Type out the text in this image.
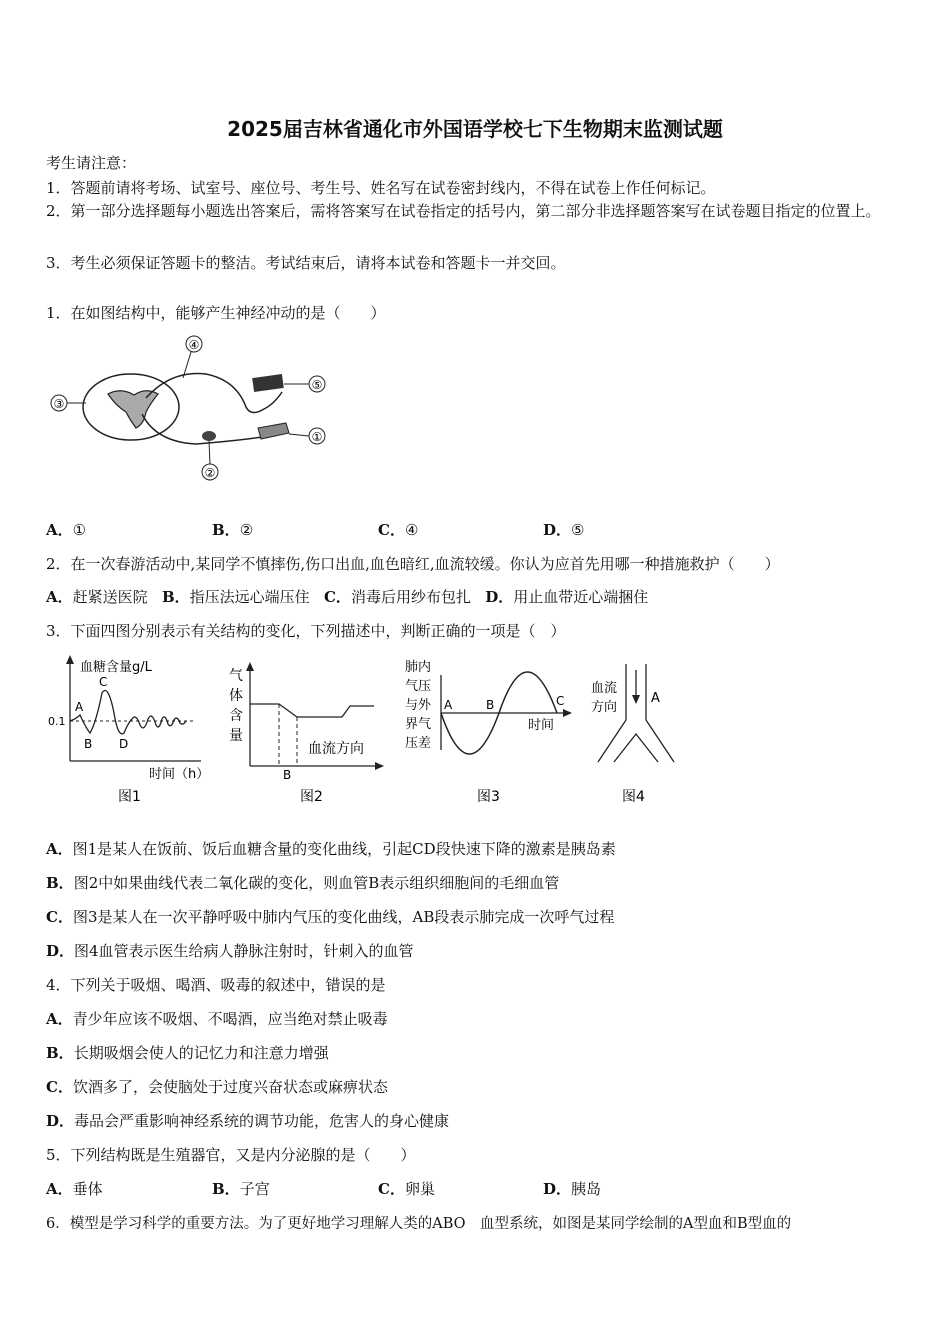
2025届吉林省通化市外国语学校七下生物期末监测试题
考生请注意：
1．答题前请将考场、试室号、座位号、考生号、姓名写在试卷密封线内，不得在试卷上作任何标记。
2．第一部分选择题每小题选出答案后，需将答案写在试卷指定的括号内，第二部分非选择题答案写在试卷题目指定的位置上。
3．考生必须保证答题卡的整洁。考试结束后，请将本试卷和答题卡一并交回。
1．在如图结构中，能够产生神经冲动的是（　　）
④
③
⑤
①
②
A．①	B．②	C．④	D．⑤
2．在一次春游活动中,某同学不慎摔伤,伤口出血,血色暗红,血流较缓。你认为应首先用哪一种措施救护（　　）
A．赶紧送医院 B．指压法远心端压住 C．消毒后用纱布包扎 D．用止血带近心端捆住
3．下面四图分别表示有关结构的变化，下列描述中，判断正确的一项是（　）
血糖含量g/L
0.1
A
B
C
D
时间（h）
图1
气
体
含
量
血流方向
B
图2
肺内
气压
与外
界气
压差
A	B	C
时间
图3
血流
方向
A
图4
A．图1是某人在饭前、饭后血糖含量的变化曲线，引起CD段快速下降的激素是胰岛素
B．图2中如果曲线代表二氧化碳的变化，则血管B表示组织细胞间的毛细血管
C．图3是某人在一次平静呼吸中肺内气压的变化曲线，AB段表示肺完成一次呼气过程
D．图4血管表示医生给病人静脉注射时，针刺入的血管
4．下列关于吸烟、喝酒、吸毒的叙述中，错误的是
A．青少年应该不吸烟、不喝酒，应当绝对禁止吸毒
B．长期吸烟会使人的记忆力和注意力增强
C．饮酒多了，会使脑处于过度兴奋状态或麻痹状态
D．毒品会严重影响神经系统的调节功能，危害人的身心健康
5．下列结构既是生殖器官，又是内分泌腺的是（　　）
A．垂体	B．子宫	C．卵巢	D．胰岛
6．模型是学习科学的重要方法。为了更好地学习理解人类的ABO　血型系统，如图是某同学绘制的A型血和B型血的
